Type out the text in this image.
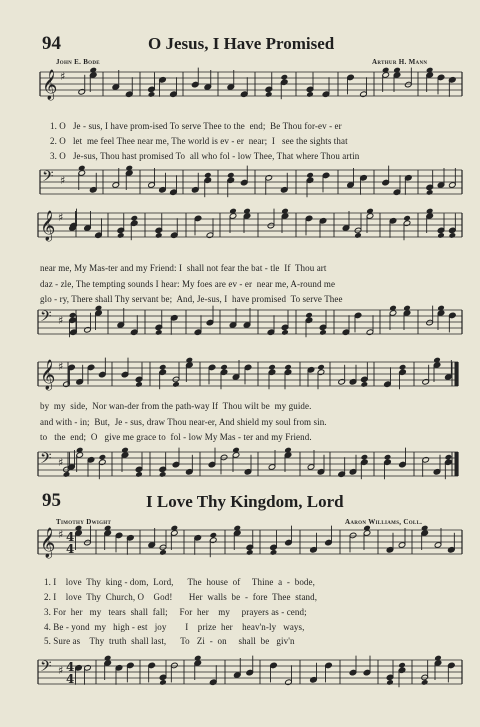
94	O Jesus, I Have Promised
John E. Bode	Arthur H. Mann
1. O   Je - sus, I have prom-ised To serve Thee to the  end;  Be Thou for-ev - er
2. O   let  me feel Thee near me, The world is ev - er  near;  I   see the sights that
3. O   Je-sus, Thou hast promised To  all who fol - low Thee, That where Thou artin
near me, My Mas-ter and my Friend: I  shall not fear the bat - tle  If  Thou art
daz - zle, The tempting sounds I hear: My foes are ev - er  near me, A-round me
glo - ry, There shall Thy servant be;  And, Je-sus, I  have promised  To serve Thee
by  my  side,  Nor wan-der from the path-way If  Thou wilt be  my guide.
and with - in;  But,  Je - sus, draw Thou near-er, And shield my soul from sin.
to   the  end;  O   give me grace to  fol - low My Mas - ter and my Friend.
95	I Love Thy Kingdom, Lord
Timothy Dwight	Aaron Williams, Coll.
1. I    love  Thy  king - dom,  Lord,      The  house  of     Thine  a  -  bode,
2. I    love  Thy  Church, O    God!       Her  walls  be  -  fore  Thee  stand,
3. For  her   my   tears  shall  fall;     For  her    my     prayers as - cend;
4. Be - yond  my   high - est   joy        I    prize  her    heav'n-ly   ways,
5. Sure as    Thy  truth  shall last,      To   Zi  -  on     shall  be   giv'n
𝄞 ♯
𝄢 ♯
𝄞 ♯
𝄢 ♯
𝄞 ♯
𝄢 ♯
𝄞 ♯
𝄢 ♯
4
4
4
4
